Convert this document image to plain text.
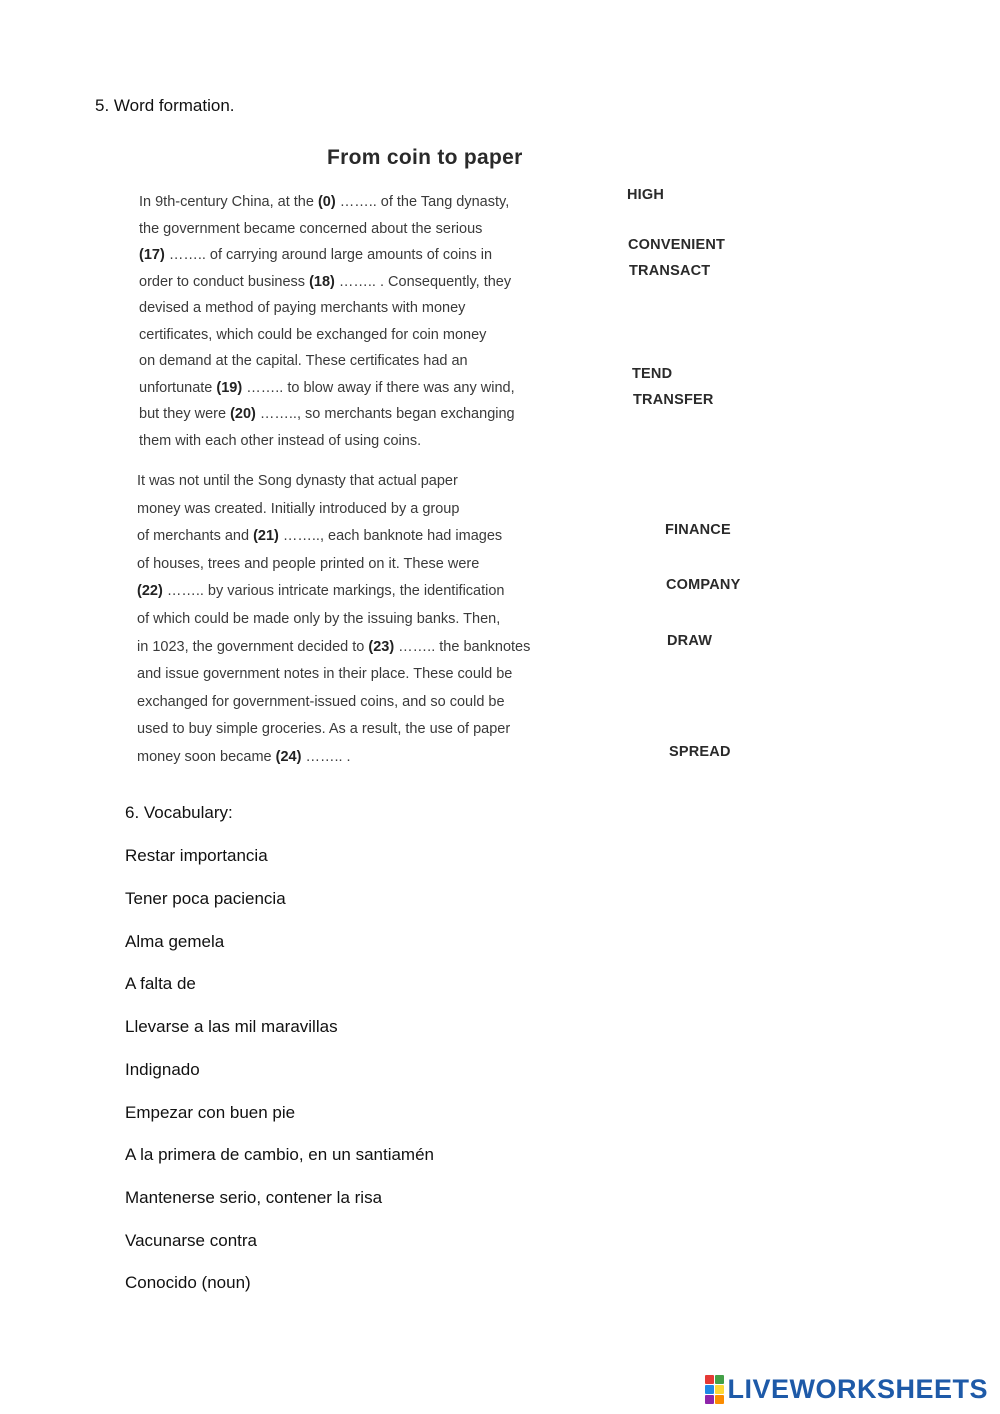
5. Word formation.
From coin to paper
In 9th-century China, at the (0) …….. of the Tang dynasty,
the government became concerned about the serious
(17) …….. of carrying around large amounts of coins in
order to conduct business (18) …….. . Consequently, they
devised a method of paying merchants with money
certificates, which could be exchanged for coin money
on demand at the capital. These certificates had an
unfortunate (19) …….. to blow away if there was any wind,
but they were (20) …….., so merchants began exchanging
them with each other instead of using coins.
It was not until the Song dynasty that actual paper
money was created. Initially introduced by a group
of merchants and (21) …….., each banknote had images
of houses, trees and people printed on it. These were
(22) …….. by various intricate markings, the identification
of which could be made only by the issuing banks. Then,
in 1023, the government decided to (23) …….. the banknotes
and issue government notes in their place. These could be
exchanged for government-issued coins, and so could be
used to buy simple groceries. As a result, the use of paper
money soon became (24) …….. .
HIGH
CONVENIENT
TRANSACT
TEND
TRANSFER
FINANCE
COMPANY
DRAW
SPREAD
6. Vocabulary:
Restar importancia
Tener poca paciencia
Alma gemela
A falta de
Llevarse a las mil maravillas
Indignado
Empezar con buen pie
A la primera de cambio, en un santiamén
Mantenerse serio, contener la risa
Vacunarse contra
Conocido (noun)
LIVEWORKSHEETS
